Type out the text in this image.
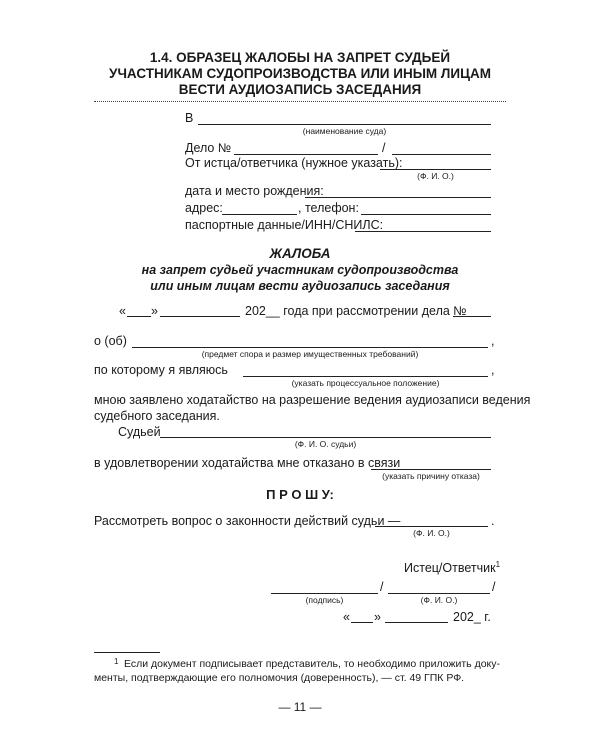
1.4. ОБРАЗЕЦ ЖАЛОБЫ НА ЗАПРЕТ СУДЬЕЙ
УЧАСТНИКАМ СУДОПРОИЗВОДСТВА ИЛИ ИНЫМ ЛИЦАМ
ВЕСТИ АУДИОЗАПИСЬ ЗАСЕДАНИЯ
В
(наименование суда)
Дело №	/
От истца/ответчика (нужное указать):
(Ф. И. О.)
дата и место рождения:
адрес:	, телефон:
паспортные данные/ИНН/СНИЛС:
ЖАЛОБА
на запрет судьей участникам судопроизводства
или иным лицам вести аудиозапись заседания
« »	202__ года при рассмотрении дела №
о (об)	,
(предмет спора и размер имущественных требований)
по которому я являюсь	,
(указать процессуальное положение)
мною заявлено ходатайство на разрешение ведения аудиозаписи ведения
судебного заседания.
Судьей
(Ф. И. О. судьи)
в удовлетворении ходатайства мне отказано в связи
(указать причину отказа)
П Р О Ш У:
Рассмотреть вопрос о законности действий судьи —	.
(Ф. И. О.)
Истец/Ответчик$^1$
/	/
(подпись)	(Ф. И. О.)
« »	202_ г.
1 Если документ подписывает представитель, то необходимо приложить доку-
менты, подтверждающие его полномочия (доверенность), — ст. 49 ГПК РФ.
— 11 —
